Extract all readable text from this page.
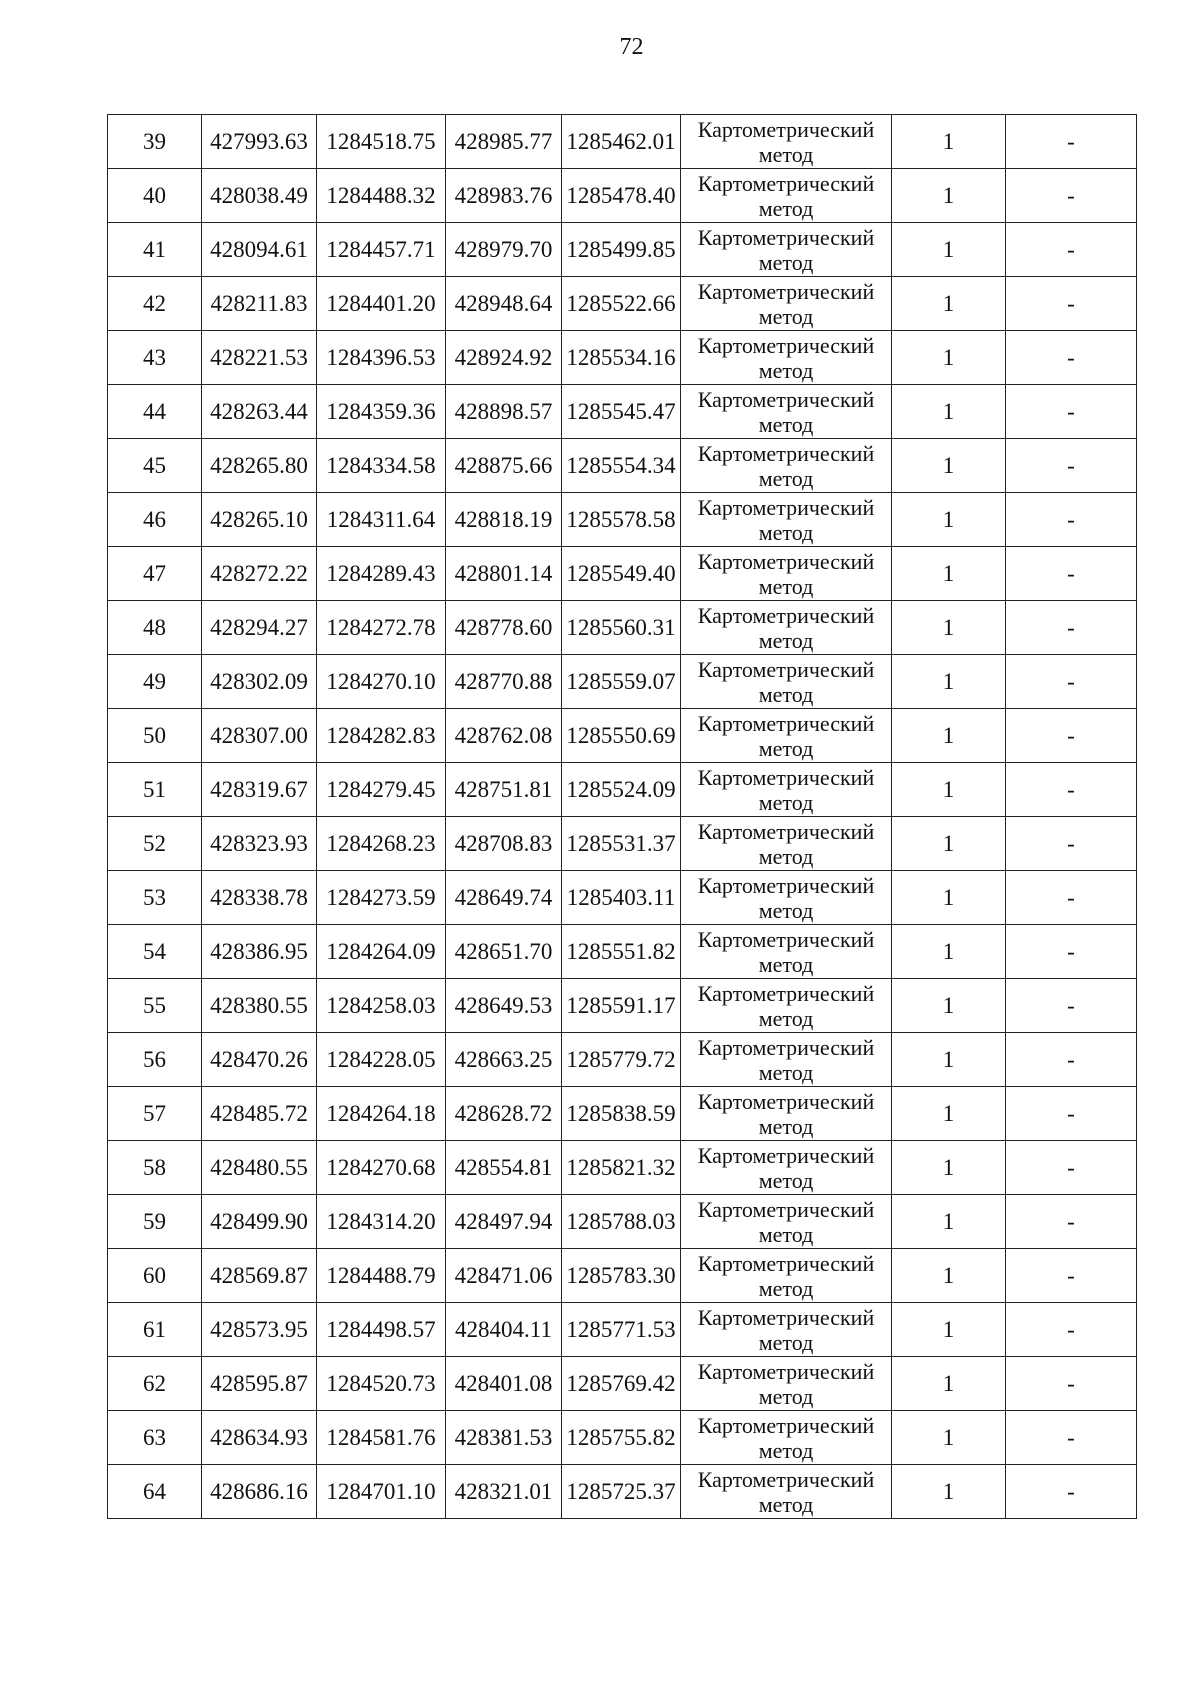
72
39	427993.63	1284518.75	428985.77	1285462.01	Картометрический
метод	1	-
40	428038.49	1284488.32	428983.76	1285478.40	Картометрический
метод	1	-
41	428094.61	1284457.71	428979.70	1285499.85	Картометрический
метод	1	-
42	428211.83	1284401.20	428948.64	1285522.66	Картометрический
метод	1	-
43	428221.53	1284396.53	428924.92	1285534.16	Картометрический
метод	1	-
44	428263.44	1284359.36	428898.57	1285545.47	Картометрический
метод	1	-
45	428265.80	1284334.58	428875.66	1285554.34	Картометрический
метод	1	-
46	428265.10	1284311.64	428818.19	1285578.58	Картометрический
метод	1	-
47	428272.22	1284289.43	428801.14	1285549.40	Картометрический
метод	1	-
48	428294.27	1284272.78	428778.60	1285560.31	Картометрический
метод	1	-
49	428302.09	1284270.10	428770.88	1285559.07	Картометрический
метод	1	-
50	428307.00	1284282.83	428762.08	1285550.69	Картометрический
метод	1	-
51	428319.67	1284279.45	428751.81	1285524.09	Картометрический
метод	1	-
52	428323.93	1284268.23	428708.83	1285531.37	Картометрический
метод	1	-
53	428338.78	1284273.59	428649.74	1285403.11	Картометрический
метод	1	-
54	428386.95	1284264.09	428651.70	1285551.82	Картометрический
метод	1	-
55	428380.55	1284258.03	428649.53	1285591.17	Картометрический
метод	1	-
56	428470.26	1284228.05	428663.25	1285779.72	Картометрический
метод	1	-
57	428485.72	1284264.18	428628.72	1285838.59	Картометрический
метод	1	-
58	428480.55	1284270.68	428554.81	1285821.32	Картометрический
метод	1	-
59	428499.90	1284314.20	428497.94	1285788.03	Картометрический
метод	1	-
60	428569.87	1284488.79	428471.06	1285783.30	Картометрический
метод	1	-
61	428573.95	1284498.57	428404.11	1285771.53	Картометрический
метод	1	-
62	428595.87	1284520.73	428401.08	1285769.42	Картометрический
метод	1	-
63	428634.93	1284581.76	428381.53	1285755.82	Картометрический
метод	1	-
64	428686.16	1284701.10	428321.01	1285725.37	Картометрический
метод	1	-
